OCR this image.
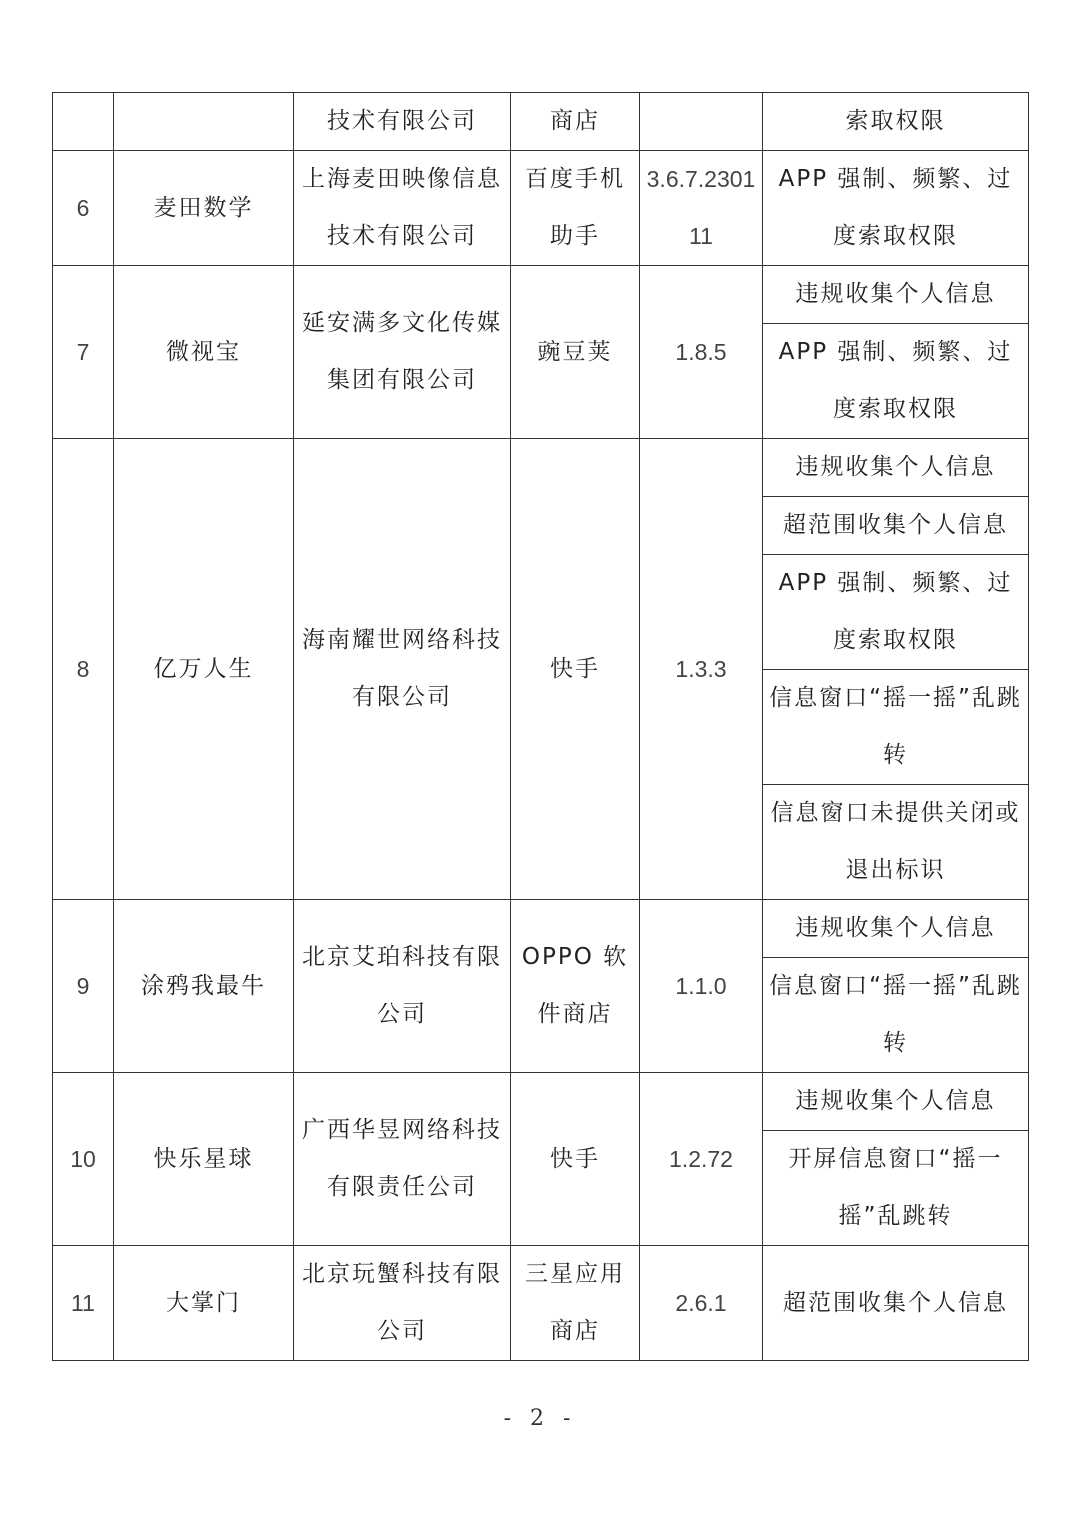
		技术有限公司	商店		索取权限
6	麦田数学	上海麦田映像信息技术有限公司	百度手机助手	3.6.7.230111	APP 强制、频繁、过度索取权限
7	微视宝	延安满多文化传媒集团有限公司	豌豆荚	1.8.5	违规收集个人信息
					APP 强制、频繁、过度索取权限
8	亿万人生	海南耀世网络科技有限公司	快手	1.3.3	违规收集个人信息
					超范围收集个人信息
					APP 强制、频繁、过度索取权限
					信息窗口“摇一摇”乱跳转
					信息窗口未提供关闭或退出标识
9	涂鸦我最牛	北京艾珀科技有限公司	OPPO 软件商店	1.1.0	违规收集个人信息
					信息窗口“摇一摇”乱跳转
10	快乐星球	广西华昱网络科技有限责任公司	快手	1.2.72	违规收集个人信息
					开屏信息窗口“摇一摇”乱跳转
11	大掌门	北京玩蟹科技有限公司	三星应用商店	2.6.1	超范围收集个人信息
- 2 -
